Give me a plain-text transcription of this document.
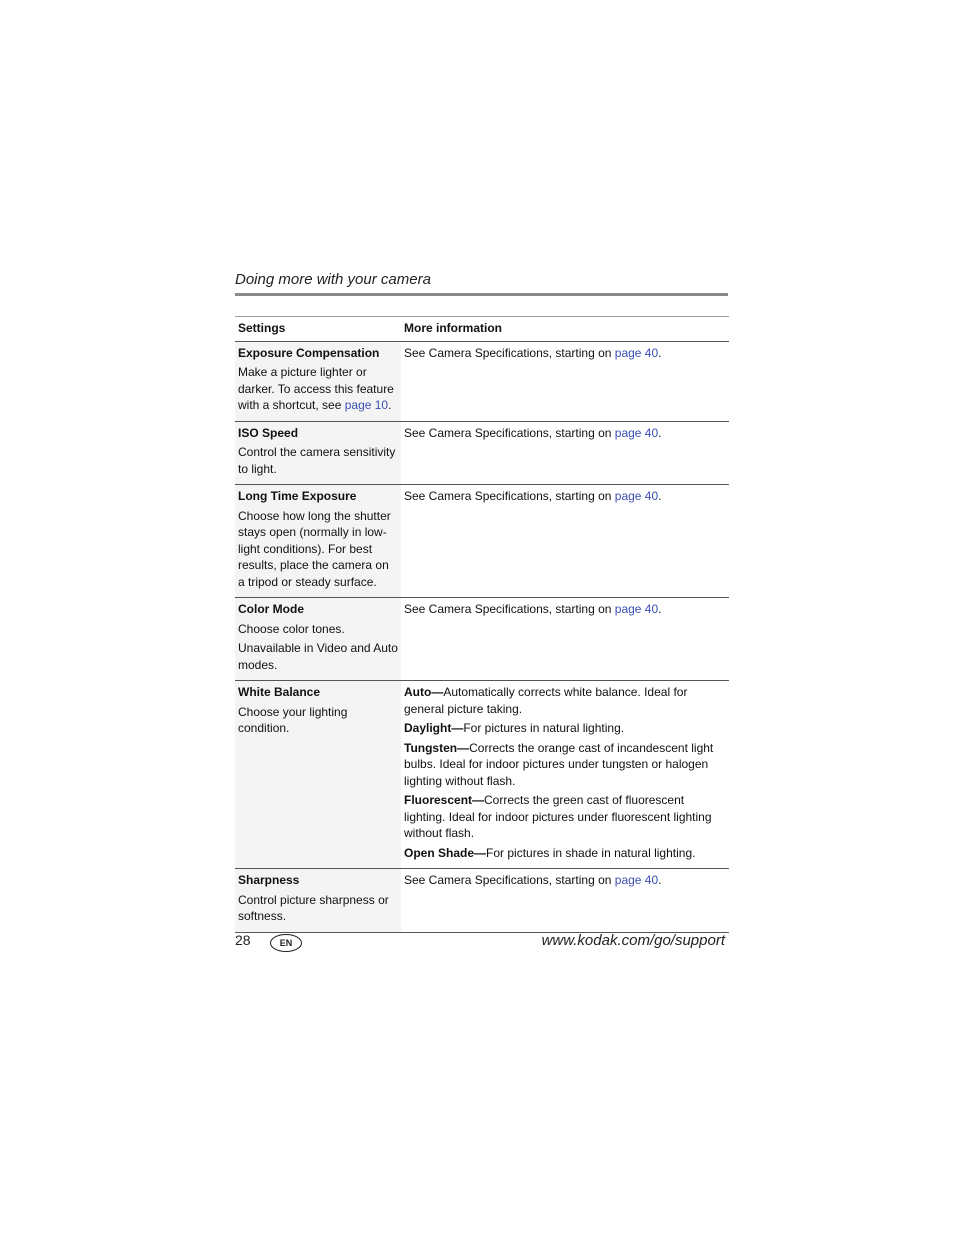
Doing more with your camera
Settings	More information

Exposure Compensation
Make a picture lighter or darker. To access this feature with a shortcut, see page 10.	See Camera Specifications, starting on page 40.

ISO Speed
Control the camera sensitivity to light.	See Camera Specifications, starting on page 40.

Long Time Exposure
Choose how long the shutter stays open (normally in low-light conditions). For best results, place the camera on a tripod or steady surface.	See Camera Specifications, starting on page 40.

Color Mode
Choose color tones.
Unavailable in Video and Auto modes.	See Camera Specifications, starting on page 40.

White Balance
Choose your lighting condition.	Auto—Automatically corrects white balance. Ideal for general picture taking.
Daylight—For pictures in natural lighting.
Tungsten—Corrects the orange cast of incandescent light bulbs. Ideal for indoor pictures under tungsten or halogen lighting without flash.
Fluorescent—Corrects the green cast of fluorescent lighting. Ideal for indoor pictures under fluorescent lighting without flash.
Open Shade—For pictures in shade in natural lighting.

Sharpness
Control picture sharpness or softness.	See Camera Specifications, starting on page 40.
28	EN	www.kodak.com/go/support
